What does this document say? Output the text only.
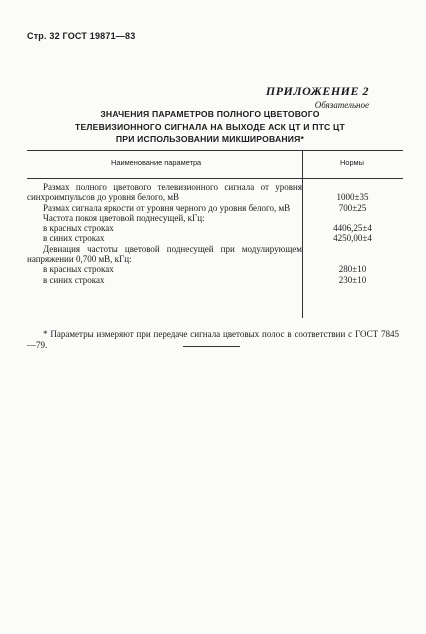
Стр. 32 ГОСТ 19871—83
ПРИЛОЖЕНИЕ 2
Обязательное
ЗНАЧЕНИЯ ПАРАМЕТРОВ ПОЛНОГО ЦВЕТОВОГО
ТЕЛЕВИЗИОННОГО СИГНАЛА НА ВЫХОДЕ АСК ЦТ И ПТС ЦТ
ПРИ ИСПОЛЬЗОВАНИИ МИКШИРОВАНИЯ*
Наименование параметра	Нормы
Размах полного цветового телевизионного сигнала от уровня синхроимпульсов до уровня белого, мВ	1000±35
Размах сигнала яркости от уровня черного до уровня белого, мВ	700±25
Частота покоя цветовой поднесущей, кГц:
в красных строках	4406,25±4
в синих строках	4250,00±4
Девиация частоты цветовой поднесущей при модулирующем напряжении 0,700 мВ, кГц:
в красных строках	280±10
в синих строках	230±10
* Параметры измеряют при передаче сигнала цветовых полос в соответствии с ГОСТ 7845—79.
